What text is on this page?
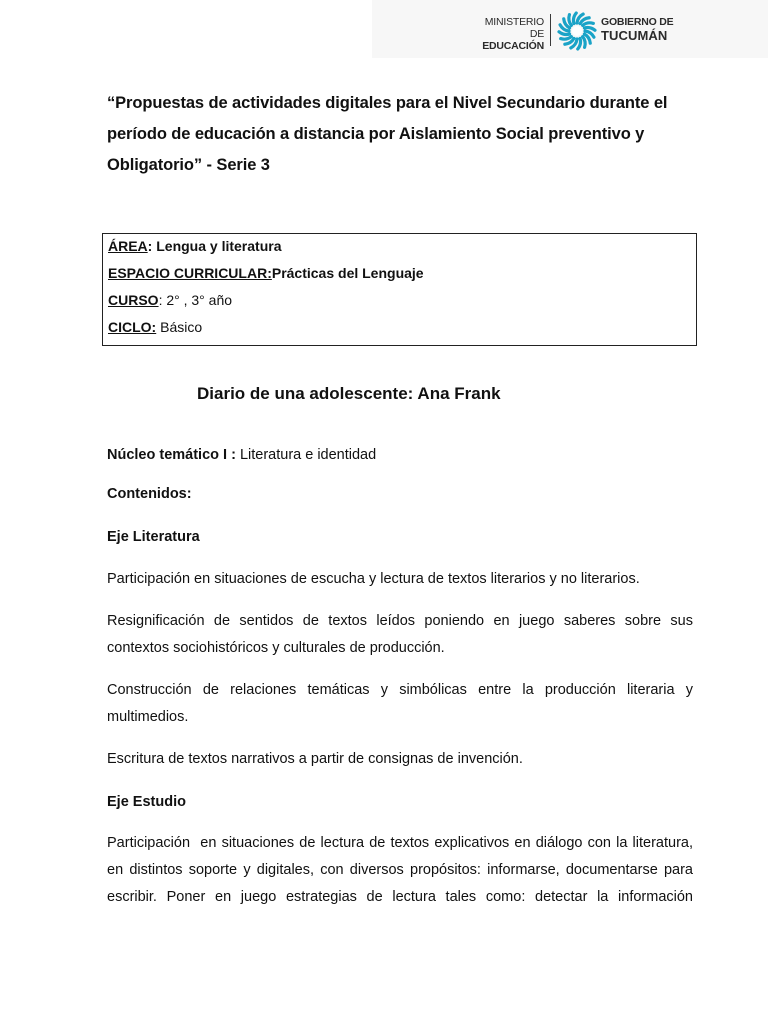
MINISTERIO DE
EDUCACIÓN
GOBIERNO DE
TUCUMÁN
“Propuestas de actividades digitales para el Nivel Secundario durante el período de educación a distancia por Aislamiento Social preventivo y Obligatorio” - Serie 3
ÁREA: Lengua y literatura
ESPACIO CURRICULAR:Prácticas del Lenguaje
CURSO: 2° , 3° año
CICLO: Básico
Diario de una adolescente: Ana Frank

Núcleo temático I : Literatura e identidad

Contenidos:

Eje Literatura

Participación en situaciones de escucha y lectura de textos literarios y no literarios.

Resignificación de sentidos de textos leídos poniendo en juego saberes sobre sus contextos sociohistóricos y culturales de producción.

Construcción de relaciones temáticas y simbólicas entre la producción literaria y multimedios.

Escritura de textos narrativos a partir de consignas de invención.

Eje Estudio

Participación  en situaciones de lectura de textos explicativos en diálogo con la literatura, en distintos soporte y digitales, con diversos propósitos: informarse, documentarse para escribir. Poner en juego estrategias de lectura tales como: detectar la información
